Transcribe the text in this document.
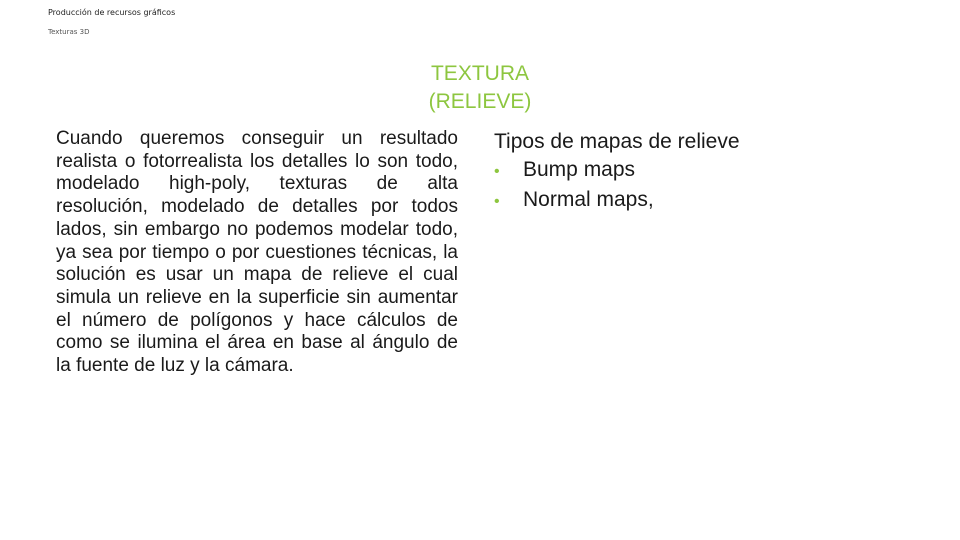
Producción de recursos gráficos
Texturas 3D
TEXTURA
(RELIEVE)
Cuando queremos conseguir un resultado realista o fotorrealista los detalles lo son todo, modelado high-poly, texturas de alta resolución, modelado de detalles por todos lados, sin embargo no podemos modelar todo, ya sea por tiempo o por cuestiones técnicas, la solución es usar un mapa de relieve el cual simula un relieve en la superficie sin aumentar el número de polígonos y hace cálculos de como se ilumina el área en base al ángulo de la fuente de luz y la cámara.
Tipos de mapas de relieve
•	Bump maps
•	Normal maps,
